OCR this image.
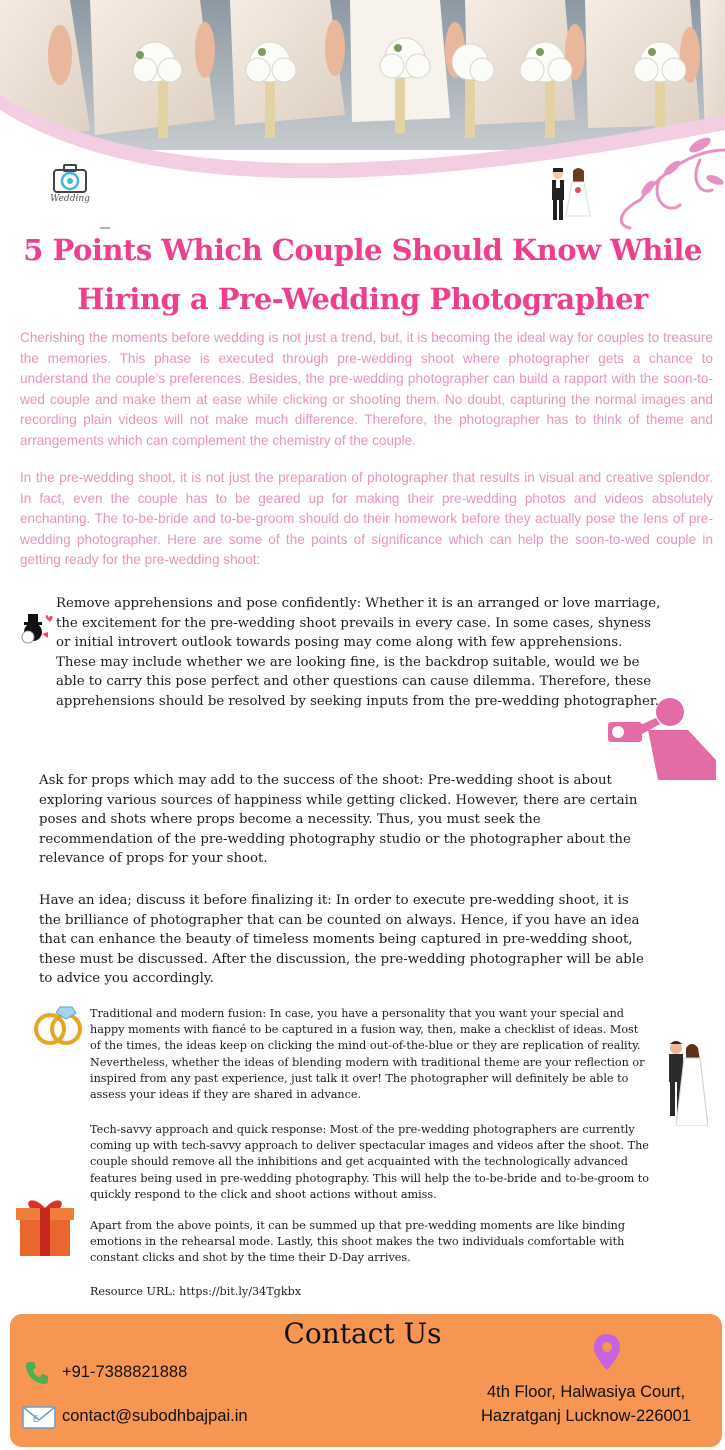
Wedding
5 Points Which Couple Should Know While Hiring a Pre-Wedding Photographer
Cherishing the moments before wedding is not just a trend, but, it is becoming the ideal way for couples to treasure the memories. This phase is executed through pre-wedding shoot where photographer gets a chance to understand the couple’s preferences. Besides, the pre-wedding photographer can build a rapport with the soon-to-wed couple and make them at ease while clicking or shooting them. No doubt, capturing the normal images and recording plain videos will not make much difference. Therefore, the photographer has to think of theme and arrangements which can complement the chemistry of the couple.
In the pre-wedding shoot, it is not just the preparation of photographer that results in visual and creative splendor. In fact, even the couple has to be geared up for making their pre-wedding photos and videos absolutely enchanting. The to-be-bride and to-be-groom should do their homework before they actually pose the lens of pre-wedding photographer. Here are some of the points of significance which can help the soon-to-wed couple in getting ready for the pre-wedding shoot:
Remove apprehensions and pose confidently: Whether it is an arranged or love marriage, the excitement for the pre-wedding shoot prevails in every case. In some cases, shyness or initial introvert outlook towards posing may come along with few apprehensions. These may include whether we are looking fine, is the backdrop suitable, would we be able to carry this pose perfect and other questions can cause dilemma. Therefore, these apprehensions should be resolved by seeking inputs from the pre-wedding photographer.
Ask for props which may add to the success of the shoot: Pre-wedding shoot is about exploring various sources of happiness while getting clicked. However, there are certain poses and shots where props become a necessity. Thus, you must seek the recommendation of the pre-wedding photography studio or the photographer about the relevance of props for your shoot.
Have an idea; discuss it before finalizing it: In order to execute pre-wedding shoot, it is the brilliance of photographer that can be counted on always. Hence, if you have an idea that can enhance the beauty of timeless moments being captured in pre-wedding shoot, these must be discussed. After the discussion, the pre-wedding photographer will be able to advice you accordingly.
Traditional and modern fusion: In case, you have a personality that you want your special and happy moments with fiancé to be captured in a fusion way, then, make a checklist of ideas. Most of the times, the ideas keep on clicking the mind out-of-the-blue or they are replication of reality. Nevertheless, whether the ideas of blending modern with traditional theme are your reflection or inspired from any past experience, just talk it over! The photographer will definitely be able to assess your ideas if they are shared in advance.
Tech-savvy approach and quick response: Most of the pre-wedding photographers are currently coming up with tech-savvy approach to deliver spectacular images and videos after the shoot. The couple should remove all the inhibitions and get acquainted with the technologically advanced features being used in pre-wedding photography. This will help the to-be-bride and to-be-groom to quickly respond to the click and shoot actions without amiss.
Apart from the above points, it can be summed up that pre-wedding moments are like binding emotions in the rehearsal mode. Lastly, this shoot makes the two individuals comfortable with constant clicks and shot by the time their D-Day arrives.
Resource URL: https://bit.ly/34Tgkbx
Contact Us
+91-7388821888
E contact@subodhbajpai.in
4th Floor, Halwasiya Court,
Hazratganj Lucknow-226001
